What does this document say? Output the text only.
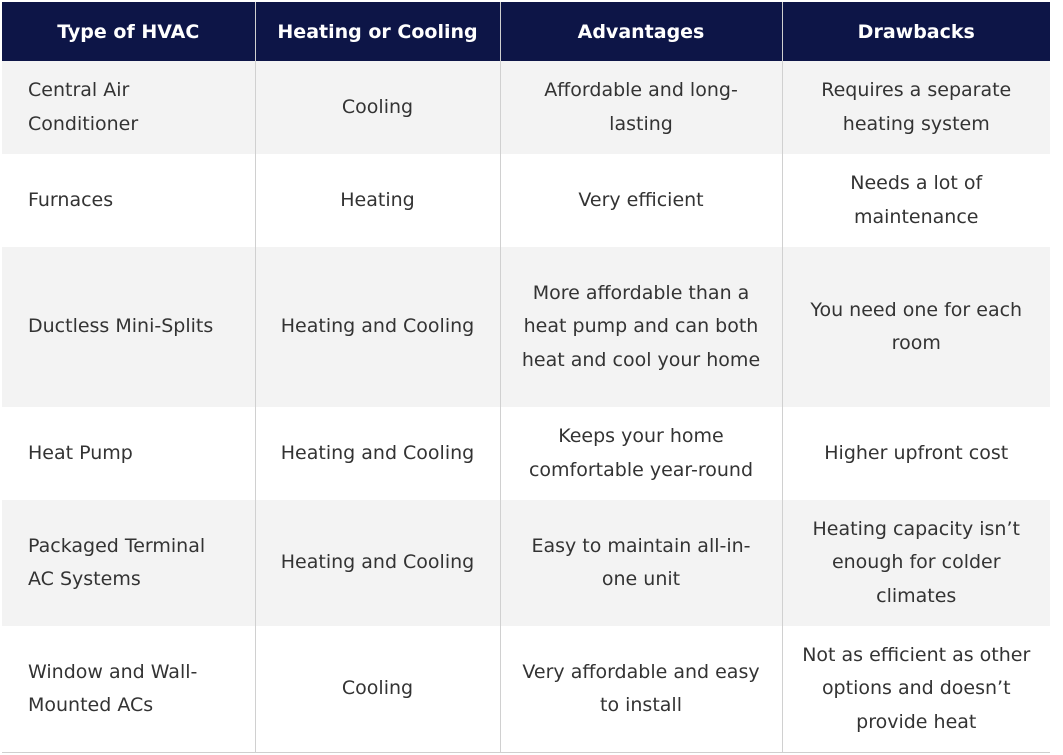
Type of HVAC	Heating or Cooling	Advantages	Drawbacks
Central Air Conditioner	Cooling	Affordable and long-lasting	Requires a separate heating system
Furnaces	Heating	Very efficient	Needs a lot of maintenance
Ductless Mini-Splits	Heating and Cooling	More affordable than a heat pump and can both heat and cool your home	You need one for each room
Heat Pump	Heating and Cooling	Keeps your home comfortable year-round	Higher upfront cost
Packaged Terminal AC Systems	Heating and Cooling	Easy to maintain all-in-one unit	Heating capacity isn’t enough for colder climates
Window and Wall-Mounted ACs	Cooling	Very affordable and easy to install	Not as efficient as other options and doesn’t provide heat
